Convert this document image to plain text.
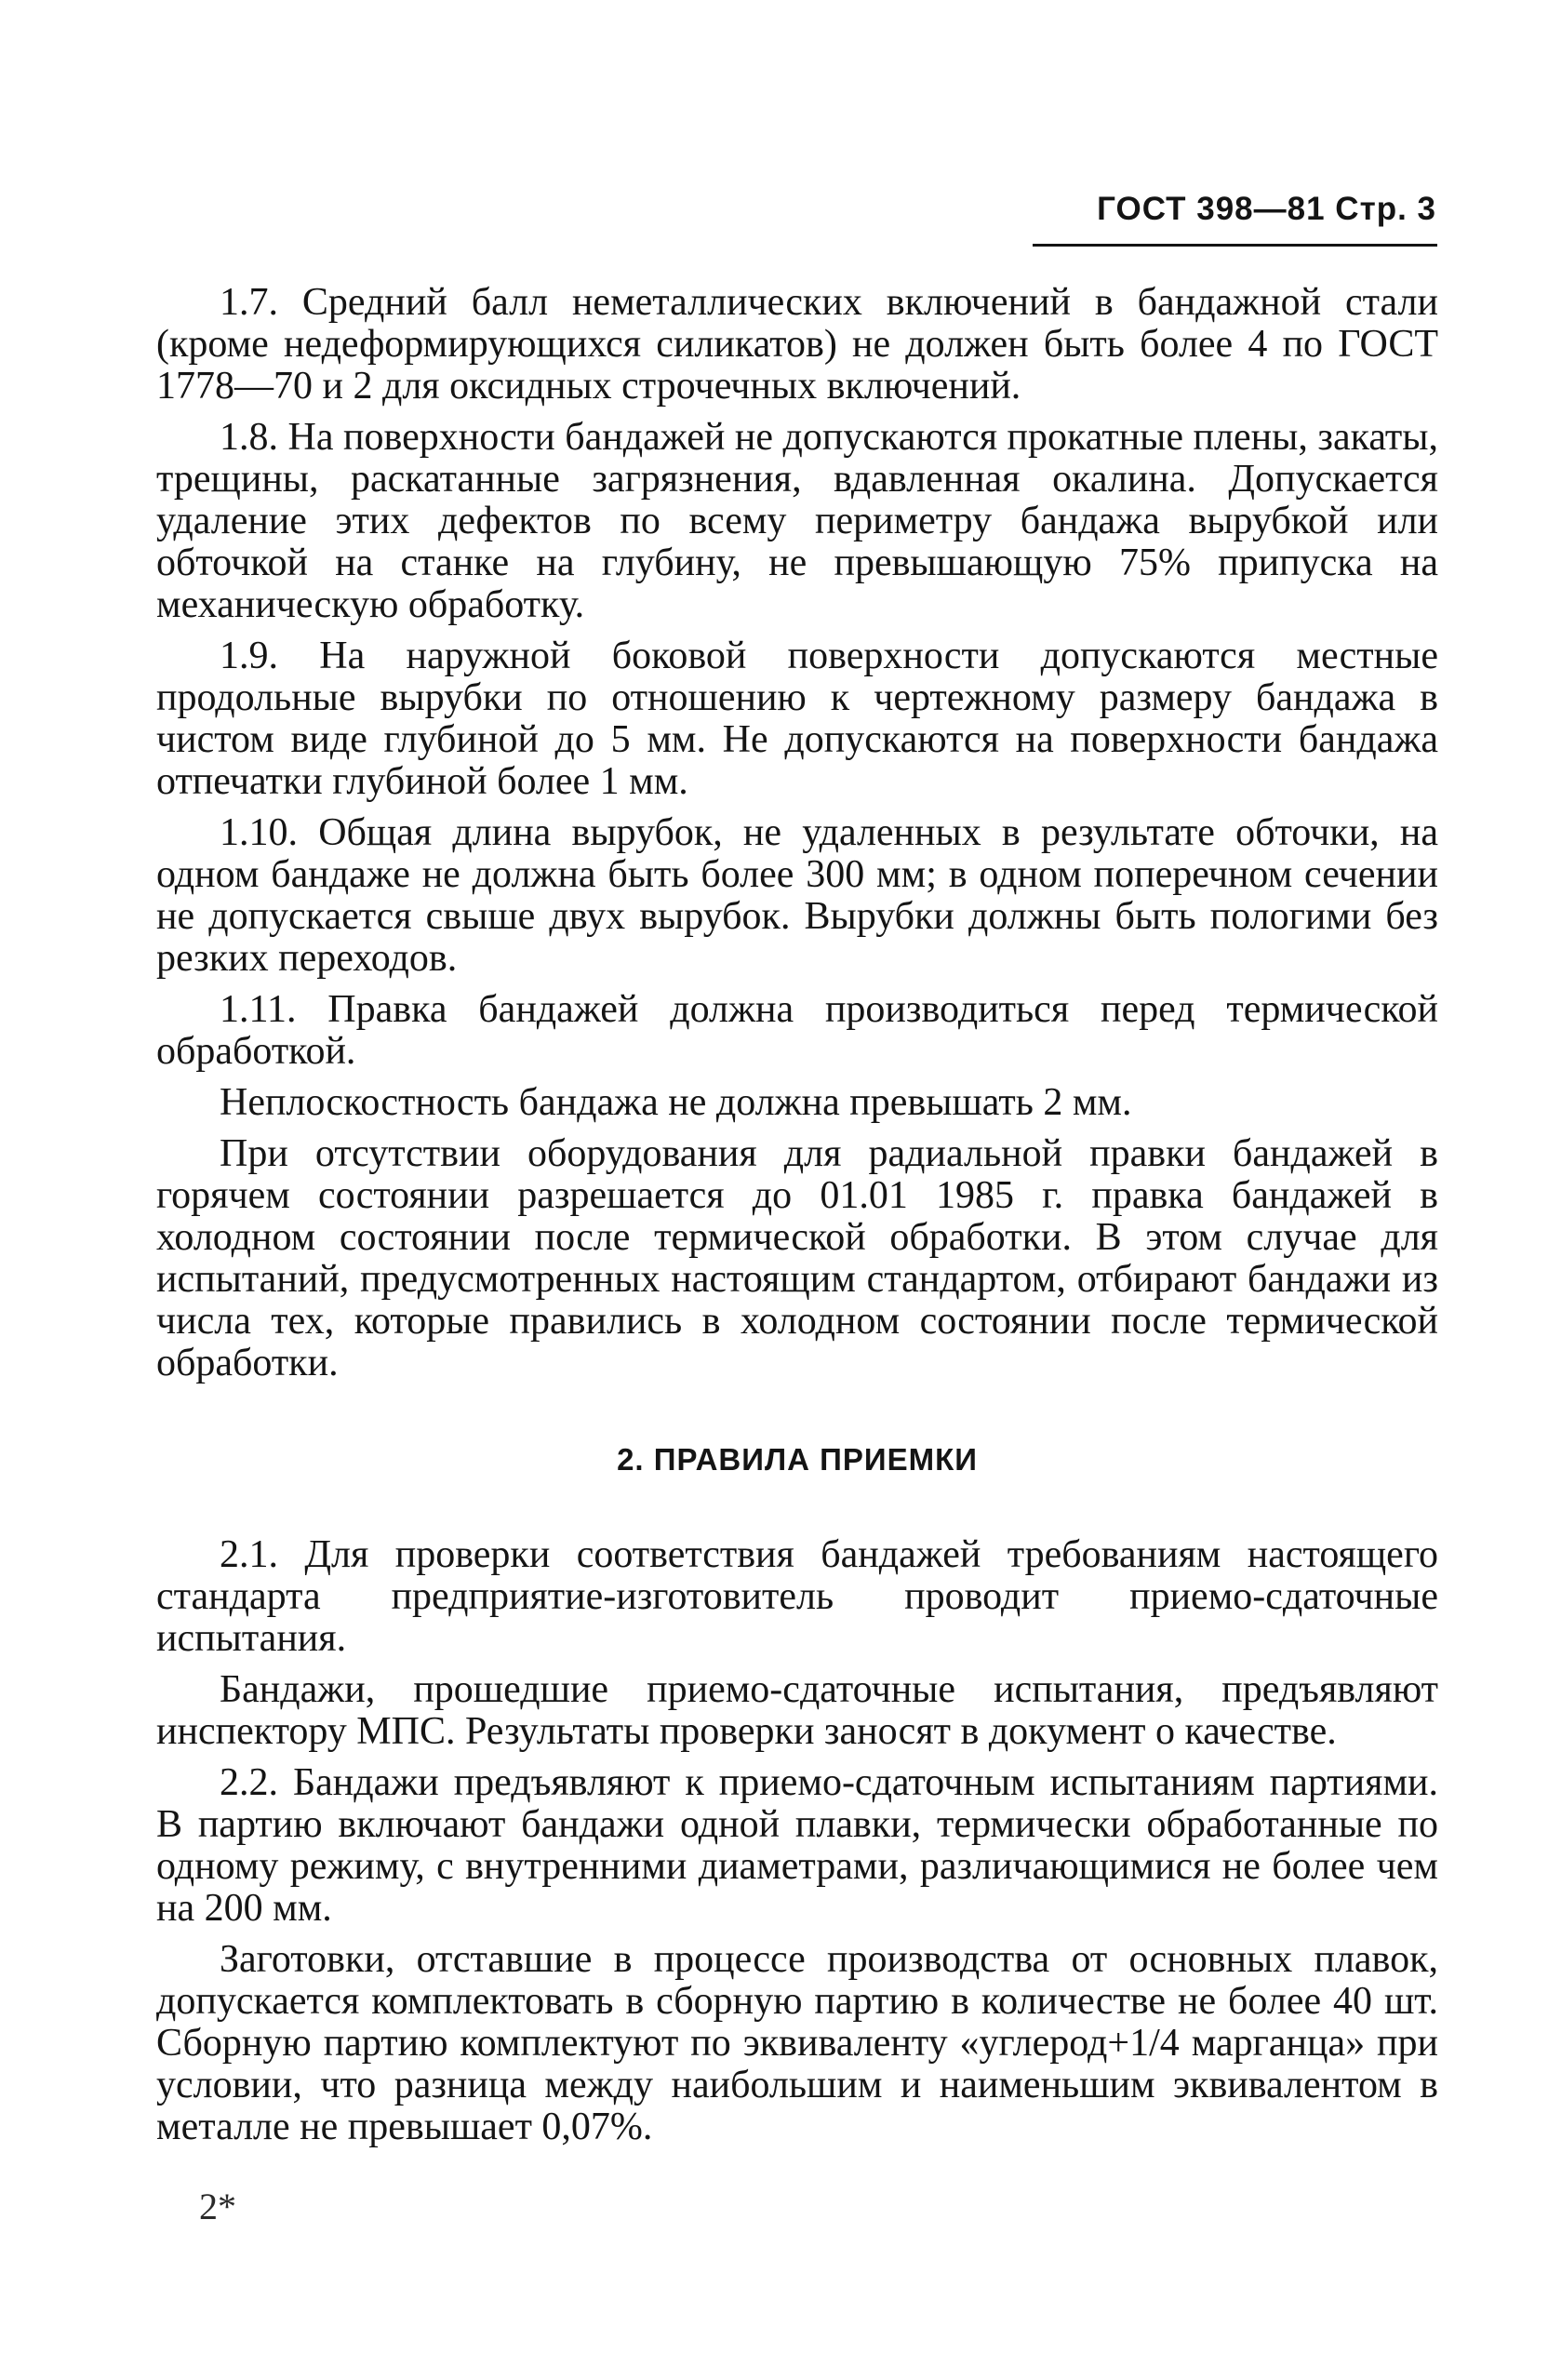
ГОСТ 398—81 Стр. 3

1.7. Средний балл неметаллических включений в бандажной стали (кроме недеформирующихся силикатов) не должен быть более 4 по ГОСТ 1778—70 и 2 для оксидных строчечных включений.

1.8. На поверхности бандажей не допускаются прокатные плены, закаты, трещины, раскатанные загрязнения, вдавленная окалина. Допускается удаление этих дефектов по всему периметру бандажа вырубкой или обточкой на станке на глубину, не превышающую 75% припуска на механическую обработку.

1.9. На наружной боковой поверхности допускаются местные продольные вырубки по отношению к чертежному размеру бандажа в чистом виде глубиной до 5 мм. Не допускаются на поверхности бандажа отпечатки глубиной более 1 мм.

1.10. Общая длина вырубок, не удаленных в результате обточки, на одном бандаже не должна быть более 300 мм; в одном поперечном сечении не допускается свыше двух вырубок. Вырубки должны быть пологими без резких переходов.

1.11. Правка бандажей должна производиться перед термической обработкой.

Неплоскостность бандажа не должна превышать 2 мм.

При отсутствии оборудования для радиальной правки бандажей в горячем состоянии разрешается до 01.01 1985 г. правка бандажей в холодном состоянии после термической обработки. В этом случае для испытаний, предусмотренных настоящим стандартом, отбирают бандажи из числа тех, которые правились в холодном состоянии после термической обработки.

2. ПРАВИЛА ПРИЕМКИ

2.1. Для проверки соответствия бандажей требованиям настоящего стандарта предприятие-изготовитель проводит приемо-сдаточные испытания.

Бандажи, прошедшие приемо-сдаточные испытания, предъявляют инспектору МПС. Результаты проверки заносят в документ о качестве.

2.2. Бандажи предъявляют к приемо-сдаточным испытаниям партиями. В партию включают бандажи одной плавки, термически обработанные по одному режиму, с внутренними диаметрами, различающимися не более чем на 200 мм.

Заготовки, отставшие в процессе производства от основных плавок, допускается комплектовать в сборную партию в количестве не более 40 шт. Сборную партию комплектуют по эквиваленту «углерод+1/4 марганца» при условии, что разница между наибольшим и наименьшим эквивалентом в металле не превышает 0,07%.

2*
